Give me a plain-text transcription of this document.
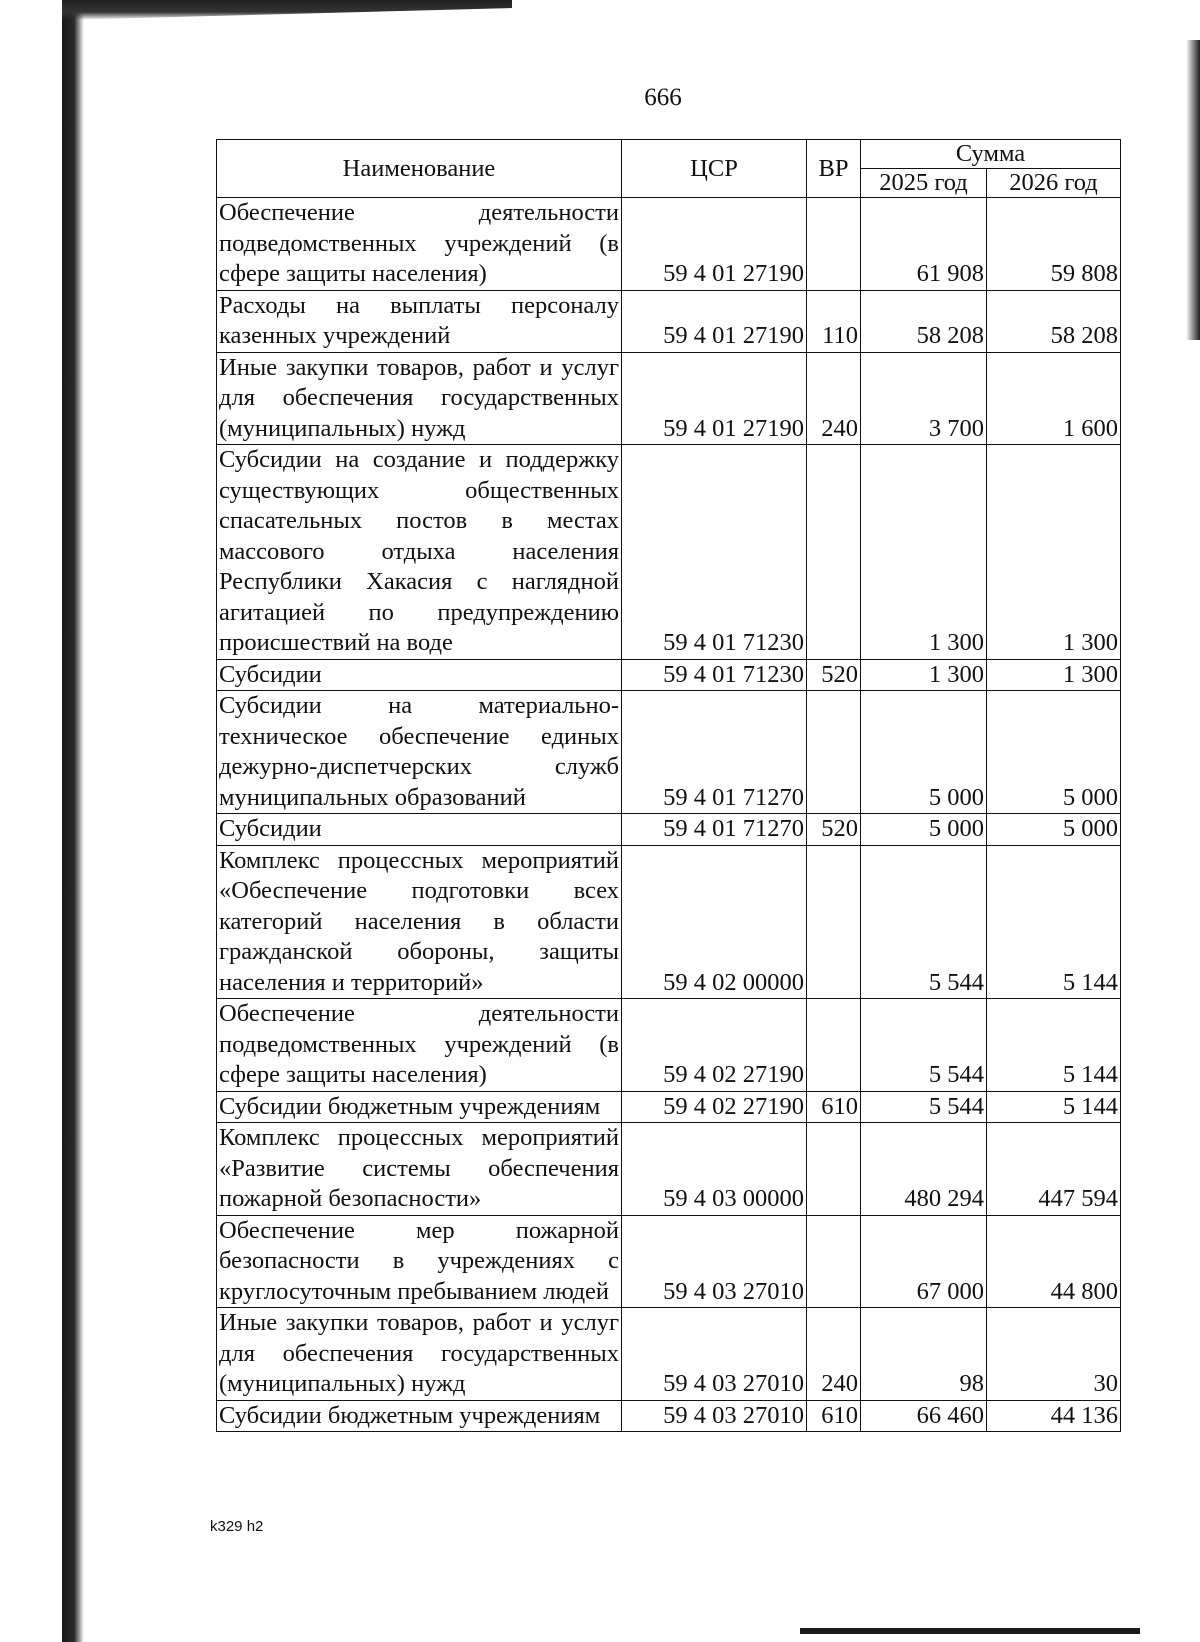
666
Наименование	ЦСР	ВР	Сумма	
			2025 год	2026 год
Обеспечение деятельности подведомственных учреждений (в сфере защиты населения)	59 4 01 27190		61 908	59 808
Расходы на выплаты персоналу казенных учреждений	59 4 01 27190	110	58 208	58 208
Иные закупки товаров, работ и услуг для обеспечения государственных (муниципальных) нужд	59 4 01 27190	240	3 700	1 600
Субсидии на создание и поддержку существующих общественных спасательных постов в местах массового отдыха населения Республики Хакасия с наглядной агитацией по предупреждению происшествий на воде	59 4 01 71230		1 300	1 300
Субсидии	59 4 01 71230	520	1 300	1 300
Субсидии на материально-техническое обеспечение единых дежурно-диспетчерских служб муниципальных образований	59 4 01 71270		5 000	5 000
Субсидии	59 4 01 71270	520	5 000	5 000
Комплекс процессных мероприятий «Обеспечение подготовки всех категорий населения в области гражданской обороны, защиты населения и территорий»	59 4 02 00000		5 544	5 144
Обеспечение деятельности подведомственных учреждений (в сфере защиты населения)	59 4 02 27190		5 544	5 144
Субсидии бюджетным учреждениям	59 4 02 27190	610	5 544	5 144
Комплекс процессных мероприятий «Развитие системы обеспечения пожарной безопасности»	59 4 03 00000		480 294	447 594
Обеспечение мер пожарной безопасности в учреждениях с круглосуточным пребыванием людей	59 4 03 27010		67 000	44 800
Иные закупки товаров, работ и услуг для обеспечения государственных (муниципальных) нужд	59 4 03 27010	240	98	30
Субсидии бюджетным учреждениям	59 4 03 27010	610	66 460	44 136
k329 h2
